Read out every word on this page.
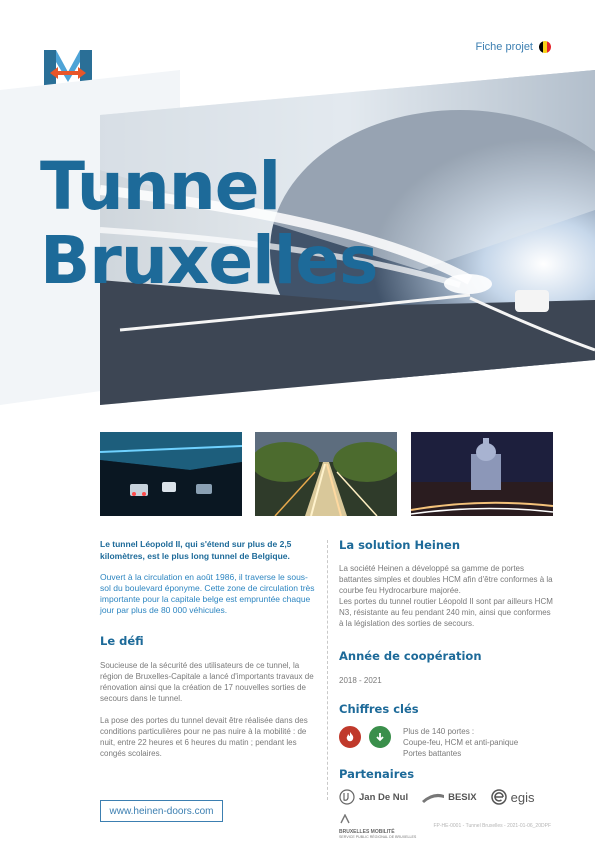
Fiche projet
Tunnel
Bruxelles

Le tunnel Léopold II, qui s'étend sur plus de 2,5 kilomètres, est le plus long tunnel de Belgique.

Ouvert à la circulation en août 1986, il traverse le sous-sol du boulevard éponyme. Cette zone de circulation très importante pour la capitale belge est empruntée chaque jour par plus de 80 000 véhicules.

Le défi

Soucieuse de la sécurité des utilisateurs de ce tunnel, la région de Bruxelles-Capitale a lancé d'importants travaux de rénovation ainsi que la création de 17 nouvelles sorties de secours dans le tunnel.

La pose des portes du tunnel devait être réalisée dans des conditions particulières pour ne pas nuire à la mobilité : de nuit, entre 22 heures et 6 heures du matin ; pendant les congés scolaires.

La solution Heinen

La société Heinen a développé sa gamme de portes battantes simples et doubles HCM afin d'être conformes à la courbe feu Hydrocarbure majorée.
Les portes du tunnel routier Léopold II sont par ailleurs HCM N3, résistante au feu pendant 240 min, ainsi que conformes à la législation des sorties de secours.

Année de coopération

2018 - 2021

Chiffres clés

Plus de 140 portes :
Coupe-feu, HCM et anti-panique
Portes battantes

Partenaires
Jan De Nul	BESIX	egis
BRUXELLES MOBILITÉ
SERVICE PUBLIC RÉGIONAL DE BRUXELLES
www.heinen-doors.com
FP-HE-0001 - Tunnel Bruxelles - 2021-01-06_20DPF
